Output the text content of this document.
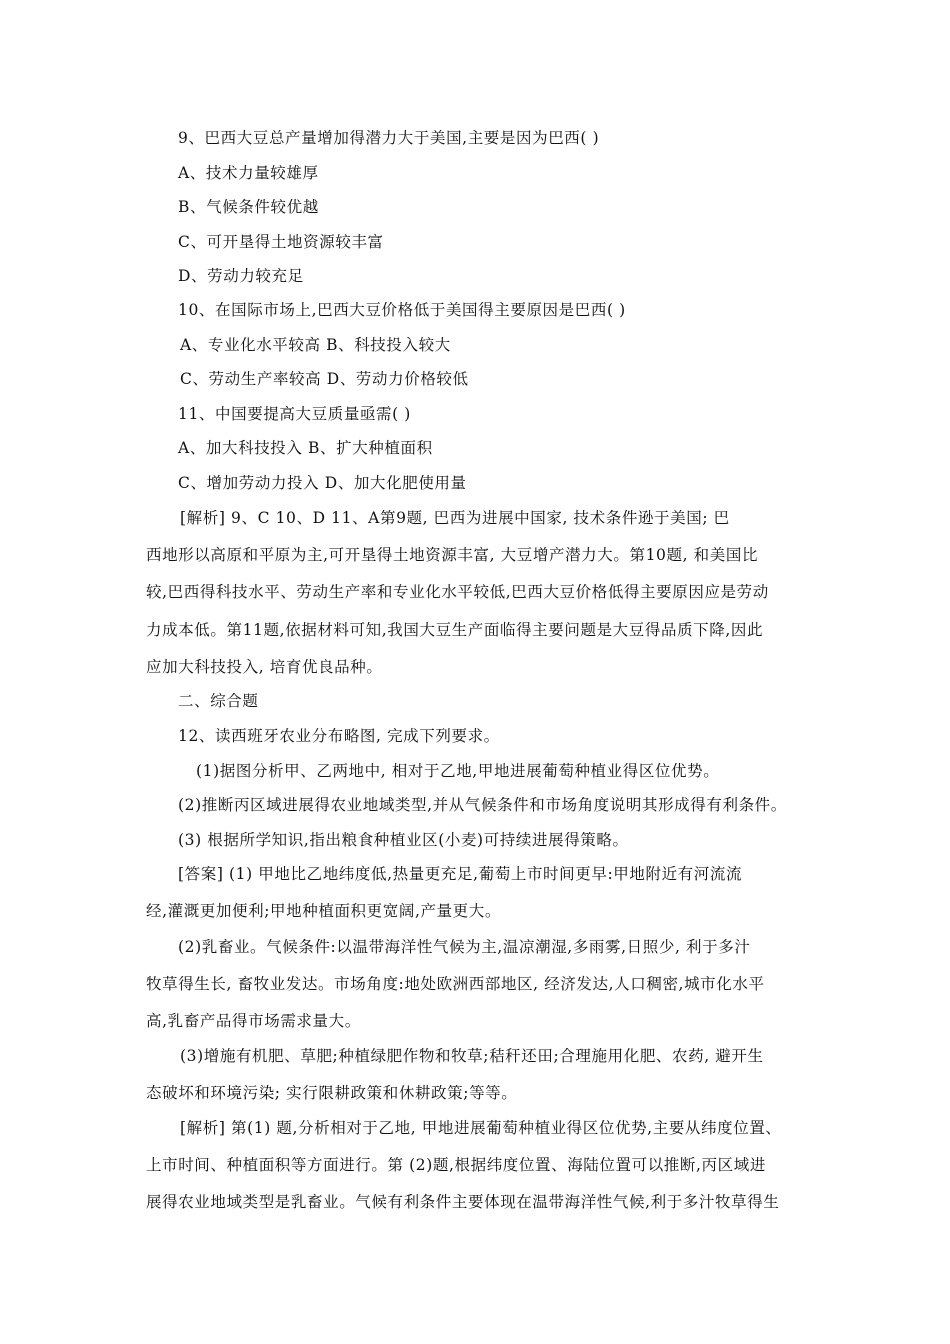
9、巴西大豆总产量增加得潜力大于美国,主要是因为巴西( )
A、技术力量较雄厚
B、气候条件较优越
C、可开垦得土地资源较丰富
D、劳动力较充足
10、在国际市场上,巴西大豆价格低于美国得主要原因是巴西( )
A、专业化水平较高 B、科技投入较大
C、劳动生产率较高 D、劳动力价格较低
11、中国要提高大豆质量亟需( )
A、加大科技投入 B、扩大种植面积
C、增加劳动力投入 D、加大化肥使用量
[解析] 9、C 10、D 11、A第9题, 巴西为进展中国家, 技术条件逊于美国; 巴
西地形以高原和平原为主,可开垦得土地资源丰富, 大豆增产潜力大。第10题, 和美国比
较,巴西得科技水平、劳动生产率和专业化水平较低,巴西大豆价格低得主要原因应是劳动
力成本低。第11题,依据材料可知,我国大豆生产面临得主要问题是大豆得品质下降,因此
应加大科技投入, 培育优良品种。
二、综合题
12、读西班牙农业分布略图, 完成下列要求。
(1)据图分析甲、乙两地中, 相对于乙地,甲地进展葡萄种植业得区位优势。
(2)推断丙区域进展得农业地域类型,并从气候条件和市场角度说明其形成得有利条件。
(3) 根据所学知识,指出粮食种植业区(小麦)可持续进展得策略。
[答案] (1) 甲地比乙地纬度低,热量更充足,葡萄上市时间更早:甲地附近有河流流
经,灌溉更加便利;甲地种植面积更宽阔,产量更大。
(2)乳畜业。气候条件:以温带海洋性气候为主,温凉潮湿,多雨雾,日照少, 利于多汁
牧草得生长, 畜牧业发达。市场角度:地处欧洲西部地区, 经济发达,人口稠密,城市化水平
高,乳畜产品得市场需求量大。
(3)增施有机肥、草肥;种植绿肥作物和牧草;秸秆还田;合理施用化肥、农药, 避开生
态破坏和环境污染; 实行限耕政策和休耕政策;等等。
[解析] 第(1) 题,分析相对于乙地, 甲地进展葡萄种植业得区位优势,主要从纬度位置、
上市时间、种植面积等方面进行。第 (2)题,根据纬度位置、海陆位置可以推断,丙区域进
展得农业地域类型是乳畜业。气候有利条件主要体现在温带海洋性气候,利于多汁牧草得生
